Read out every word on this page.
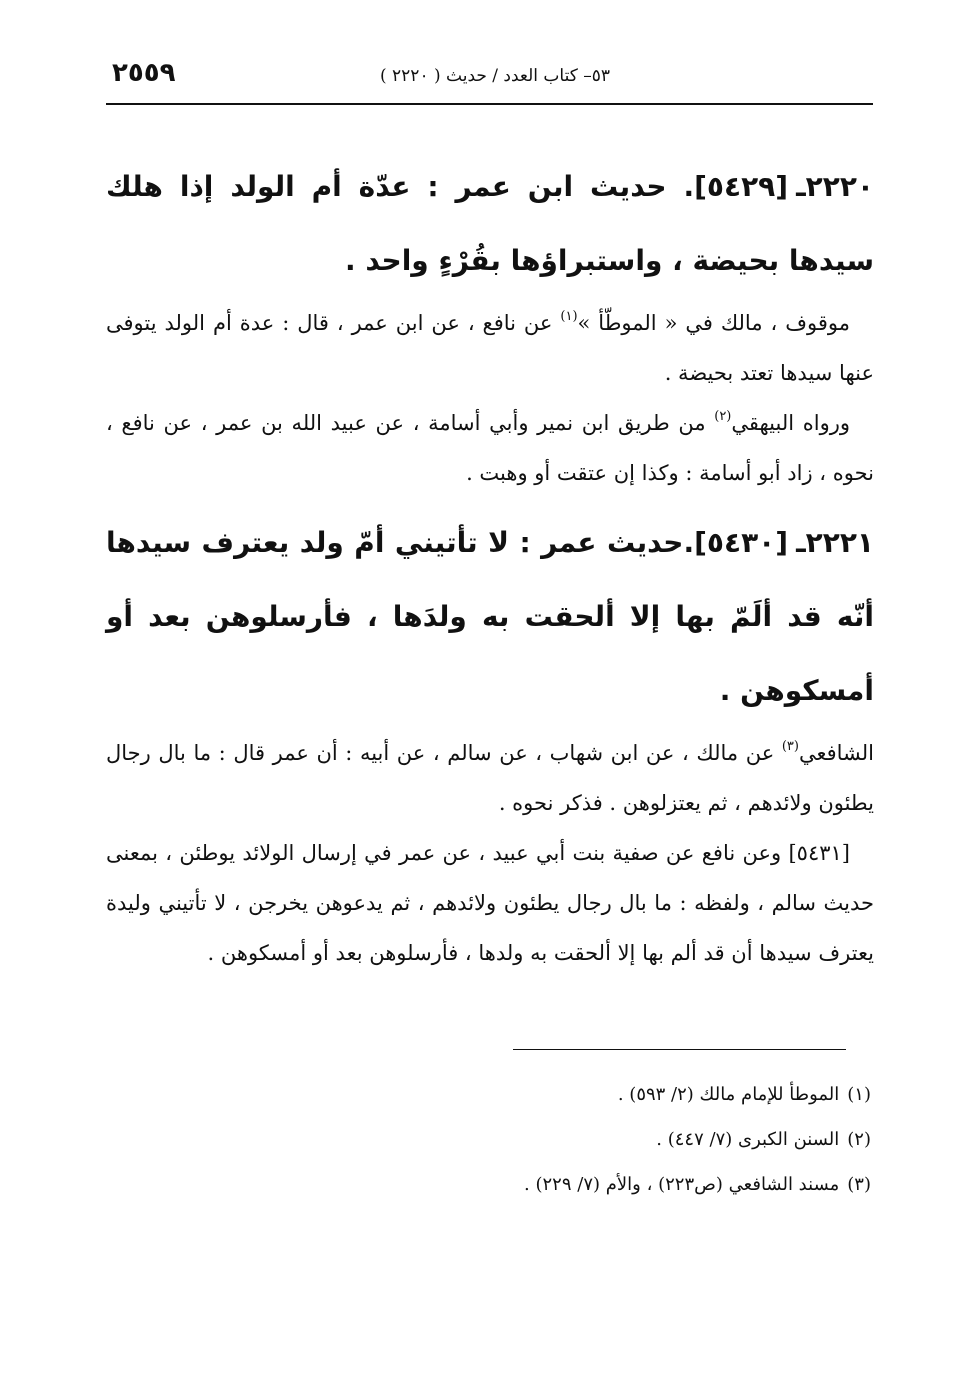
٢٥٥٩	٥٣– كتاب العدد / حديث ( ٢٢٢٠ )

٢٢٢٠ـ[٥٤٢٩]. حديث ابن عمر : عدّة أم الولد إذا هلك سيدها بحيضة ، واستبراؤها بقُرْءٍ واحد .

موقوف ، مالك في « الموطّأ »$^{(١)}$ عن نافع ، عن ابن عمر ، قال : عدة أم الولد يتوفى عنها سيدها تعتد بحيضة .

ورواه البيهقي$^{(٢)}$ من طريق ابن نمير وأبي أسامة ، عن عبيد الله بن عمر ، عن نافع ، نحوه ، زاد أبو أسامة : وكذا إن عتقت أو وهبت .

٢٢٢١ـ[٥٤٣٠].حديث عمر : لا تأتيني أمّ ولد يعترف سيدها أنّه قد ألَمّ بها إلا ألحقت به ولدَها ، فأرسلوهن بعد أو أمسكوهن .

الشافعي$^{(٣)}$ عن مالك ، عن ابن شهاب ، عن سالم ، عن أبيه : أن عمر قال : ما بال رجال يطئون ولائدهم ، ثم يعتزلوهن . فذكر نحوه .

[٥٤٣١] وعن نافع عن صفية بنت أبي عبيد ، عن عمر في إرسال الولائد يوطئن ، بمعنى حديث سالم ، ولفظه : ما بال رجال يطئون ولائدهم ، ثم يدعوهن يخرجن ، لا تأتيني وليدة يعترف سيدها أن قد ألم بها إلا ألحقت به ولدها ، فأرسلوهن بعد أو أمسكوهن .

(١)الموطأ للإمام مالك (٢/ ٥٩٣) .

(٢)السنن الكبرى (٧/ ٤٤٧) .

(٣)مسند الشافعي (ص٢٢٣) ، والأم (٧/ ٢٢٩) .
